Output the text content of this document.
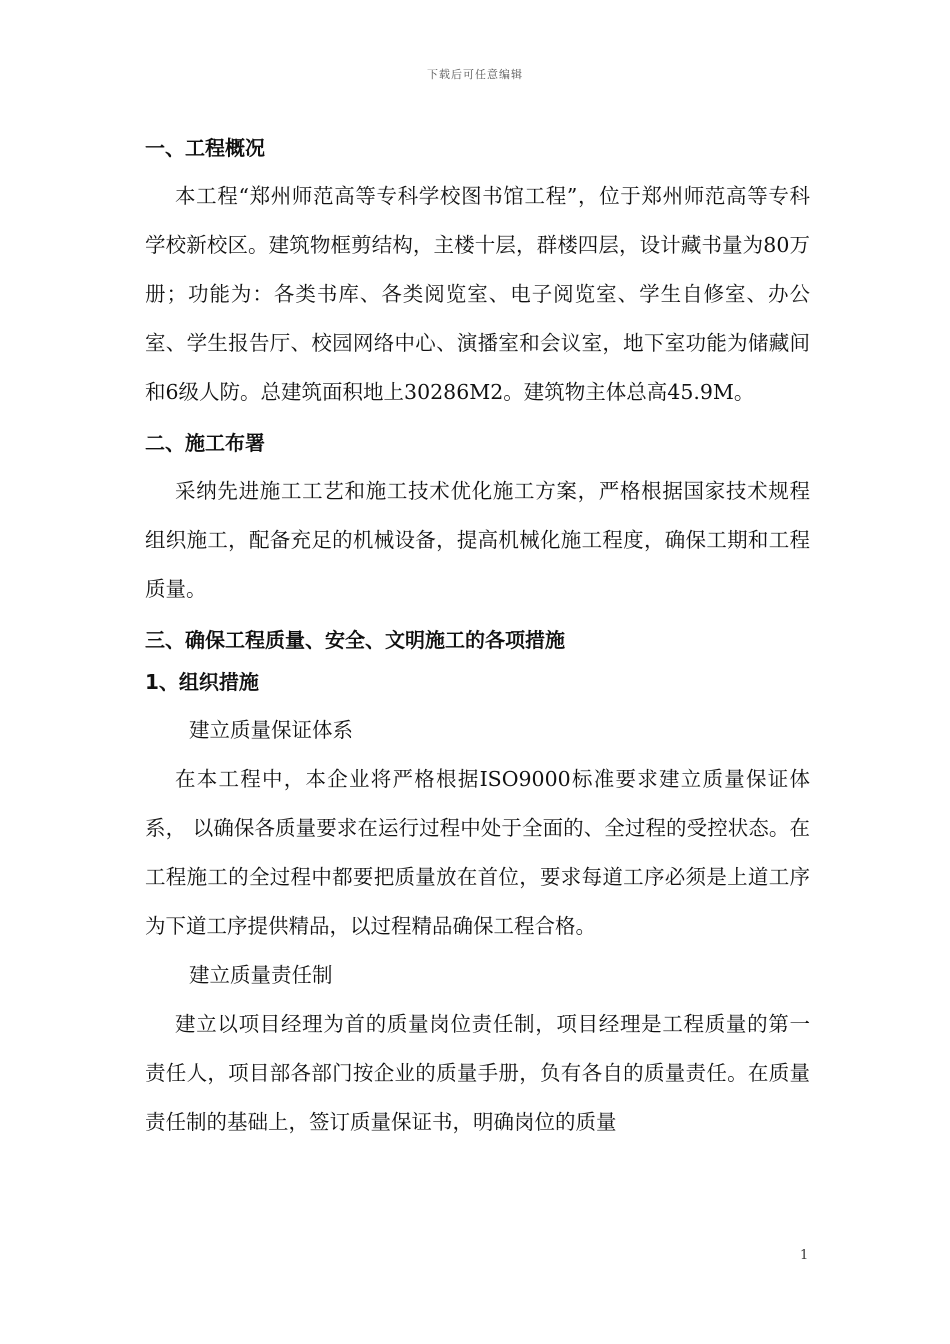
下载后可任意编辑
一、工程概况

本工程“郑州师范高等专科学校图书馆工程”，位于郑州师范高等专科学校新校区。建筑物框剪结构，主楼十层，群楼四层，设计藏书量为80万册；功能为：各类书库、各类阅览室、电子阅览室、学生自修室、办公室、学生报告厅、校园网络中心、演播室和会议室，地下室功能为储藏间和6级人防。总建筑面积地上30286M2。建筑物主体总高45.9M。

二、施工布署

采纳先进施工工艺和施工技术优化施工方案，严格根据国家技术规程组织施工，配备充足的机械设备，提高机械化施工程度，确保工期和工程质量。

三、确保工程质量、安全、文明施工的各项措施
1、组织措施
建立质量保证体系

在本工程中，本企业将严格根据ISO9000标准要求建立质量保证体系， 以确保各质量要求在运行过程中处于全面的、全过程的受控状态。在工程施工的全过程中都要把质量放在首位，要求每道工序必须是上道工序为下道工序提供精品，以过程精品确保工程合格。

建立质量责任制

建立以项目经理为首的质量岗位责任制，项目经理是工程质量的第一责任人，项目部各部门按企业的质量手册，负有各自的质量责任。在质量责任制的基础上，签订质量保证书，明确岗位的质量

1
